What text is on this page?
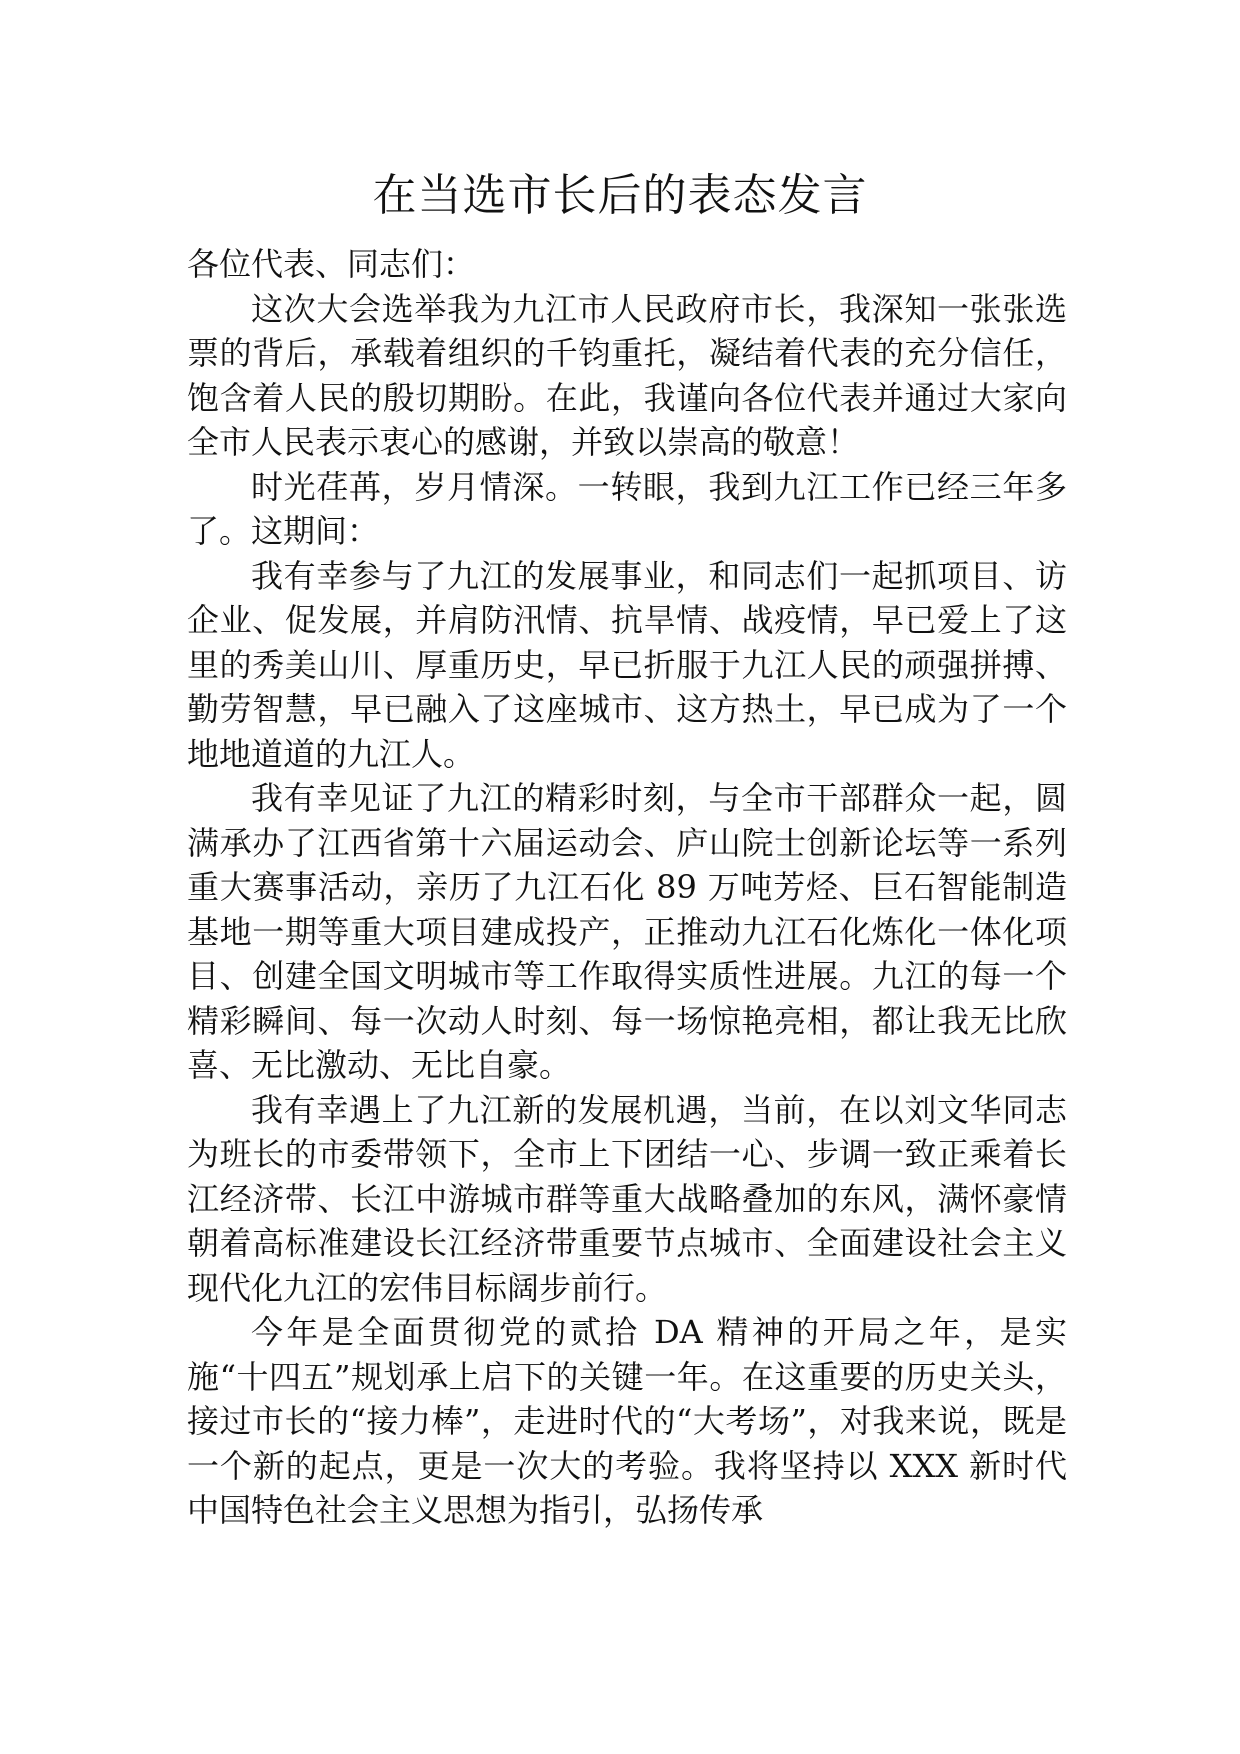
在当选市长后的表态发言

各位代表、同志们：

这次大会选举我为九江市人民政府市长，我深知一张张选票的背后，承载着组织的千钧重托，凝结着代表的充分信任，饱含着人民的殷切期盼。在此，我谨向各位代表并通过大家向全市人民表示衷心的感谢，并致以崇高的敬意！

时光荏苒，岁月情深。一转眼，我到九江工作已经三年多了。这期间：

我有幸参与了九江的发展事业，和同志们一起抓项目、访企业、促发展，并肩防汛情、抗旱情、战疫情，早已爱上了这里的秀美山川、厚重历史，早已折服于九江人民的顽强拼搏、勤劳智慧，早已融入了这座城市、这方热土，早已成为了一个地地道道的九江人。

我有幸见证了九江的精彩时刻，与全市干部群众一起，圆满承办了江西省第十六届运动会、庐山院士创新论坛等一系列重大赛事活动，亲历了九江石化 89 万吨芳烃、巨石智能制造基地一期等重大项目建成投产，正推动九江石化炼化一体化项目、创建全国文明城市等工作取得实质性进展。九江的每一个精彩瞬间、每一次动人时刻、每一场惊艳亮相，都让我无比欣喜、无比激动、无比自豪。

我有幸遇上了九江新的发展机遇，当前，在以刘文华同志为班长的市委带领下，全市上下团结一心、步调一致正乘着长江经济带、长江中游城市群等重大战略叠加的东风，满怀豪情朝着高标准建设长江经济带重要节点城市、全面建设社会主义现代化九江的宏伟目标阔步前行。

今年是全面贯彻党的贰拾 DA 精神的开局之年，是实施“十四五”规划承上启下的关键一年。在这重要的历史关头，接过市长的“接力棒”，走进时代的“大考场”，对我来说，既是一个新的起点，更是一次大的考验。我将坚持以 XXX 新时代中国特色社会主义思想为指引，弘扬传承
